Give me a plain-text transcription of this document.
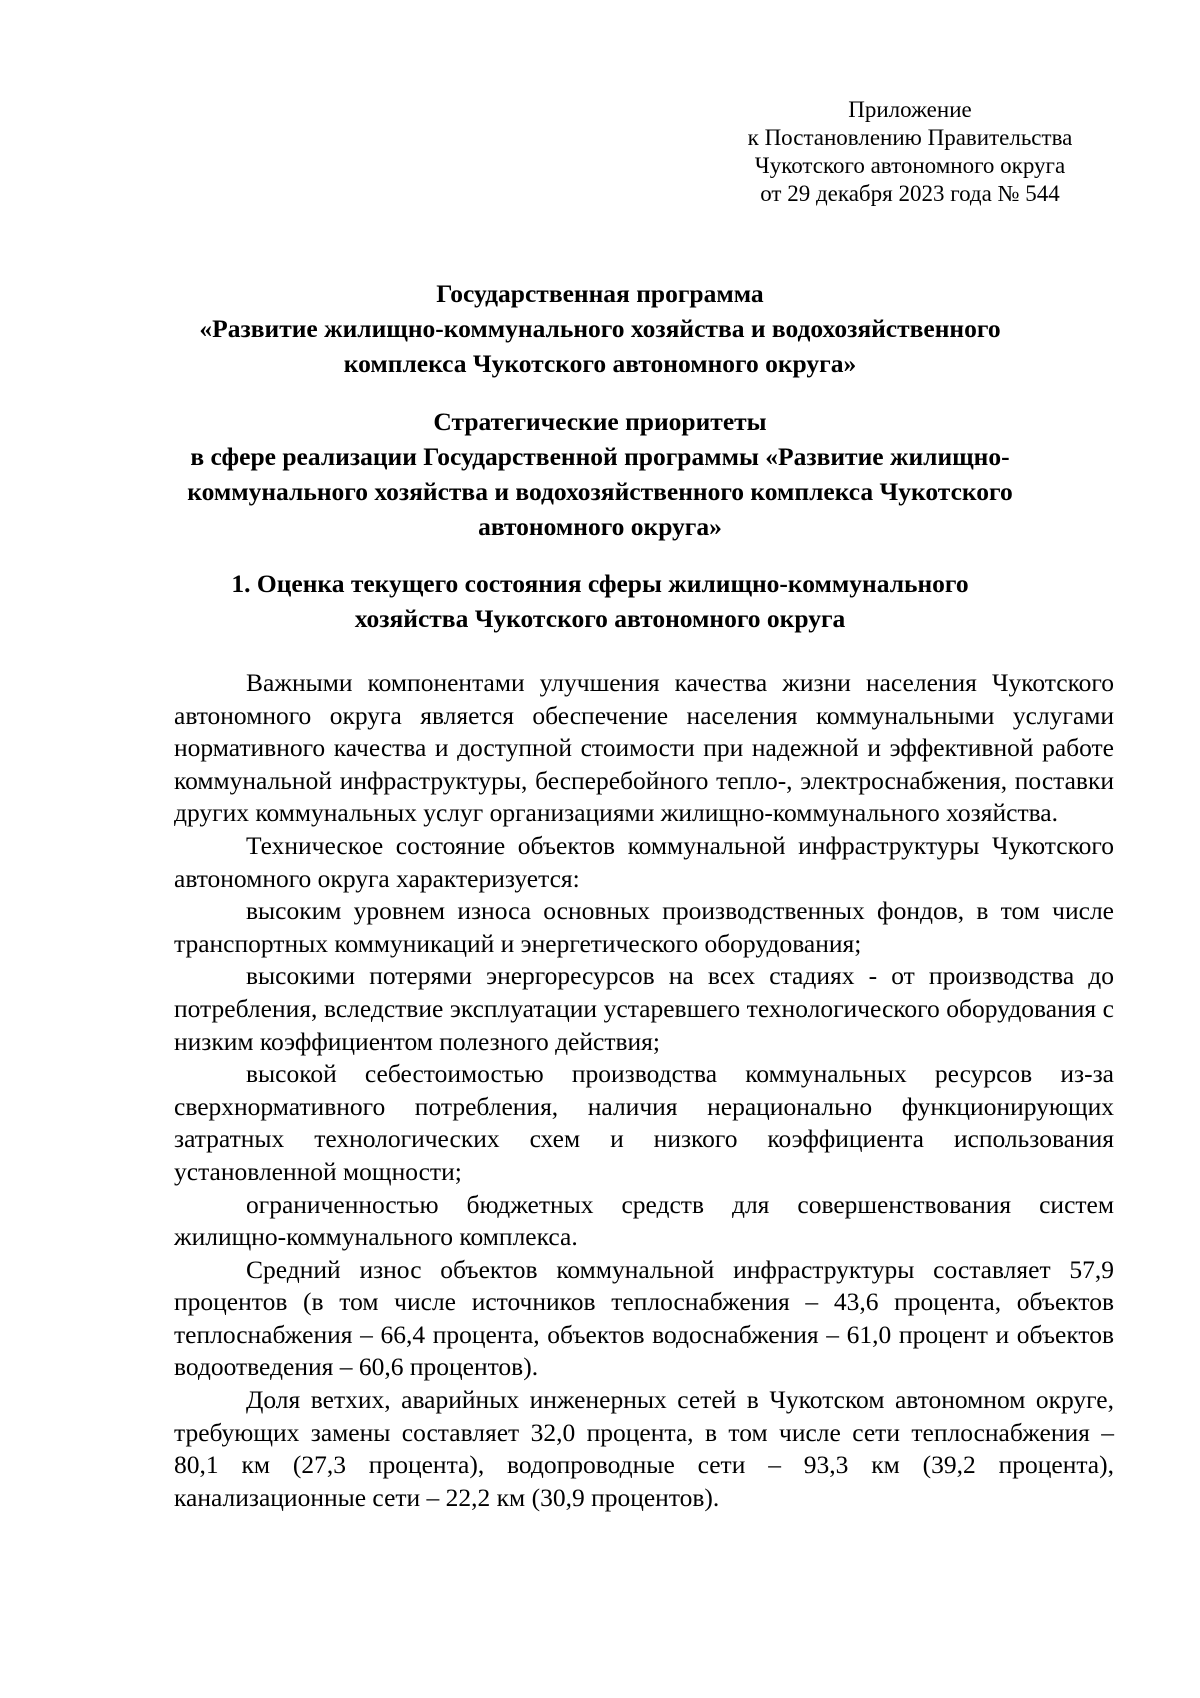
Приложение
к Постановлению Правительства
Чукотского автономного округа
от 29 декабря 2023 года № 544
Государственная программа
«Развитие жилищно-коммунального хозяйства и водохозяйственного
комплекса Чукотского автономного округа»
Стратегические приоритеты
в сфере реализации Государственной программы «Развитие жилищно-
коммунального хозяйства и водохозяйственного комплекса Чукотского
автономного округа»
1. Оценка текущего состояния сферы жилищно-коммунального
хозяйства Чукотского автономного округа

Важными компонентами улучшения качества жизни населения Чукотского автономного округа является обеспечение населения коммунальными услугами нормативного качества и доступной стоимости при надежной и эффективной работе коммунальной инфраструктуры, бесперебойного тепло-, электроснабжения, поставки других коммунальных услуг организациями жилищно-коммунального хозяйства.

Техническое состояние объектов коммунальной инфраструктуры Чукотского автономного округа характеризуется:

высоким уровнем износа основных производственных фондов, в том числе транспортных коммуникаций и энергетического оборудования;

высокими потерями энергоресурсов на всех стадиях - от производства до потребления, вследствие эксплуатации устаревшего технологического оборудования с низким коэффициентом полезного действия;

высокой себестоимостью производства коммунальных ресурсов из-за сверхнормативного потребления, наличия нерационально функционирующих затратных технологических схем и низкого коэффициента использования установленной мощности;

ограниченностью бюджетных средств для совершенствования систем жилищно-коммунального комплекса.

Средний износ объектов коммунальной инфраструктуры составляет 57,9 процентов (в том числе источников теплоснабжения – 43,6 процента, объектов теплоснабжения – 66,4 процента, объектов водоснабжения – 61,0 процент и объектов водоотведения – 60,6 процентов).

Доля ветхих, аварийных инженерных сетей в Чукотском автономном округе, требующих замены составляет 32,0 процента, в том числе сети теплоснабжения – 80,1 км (27,3 процента), водопроводные сети – 93,3 км (39,2 процента), канализационные сети – 22,2 км (30,9 процентов).
